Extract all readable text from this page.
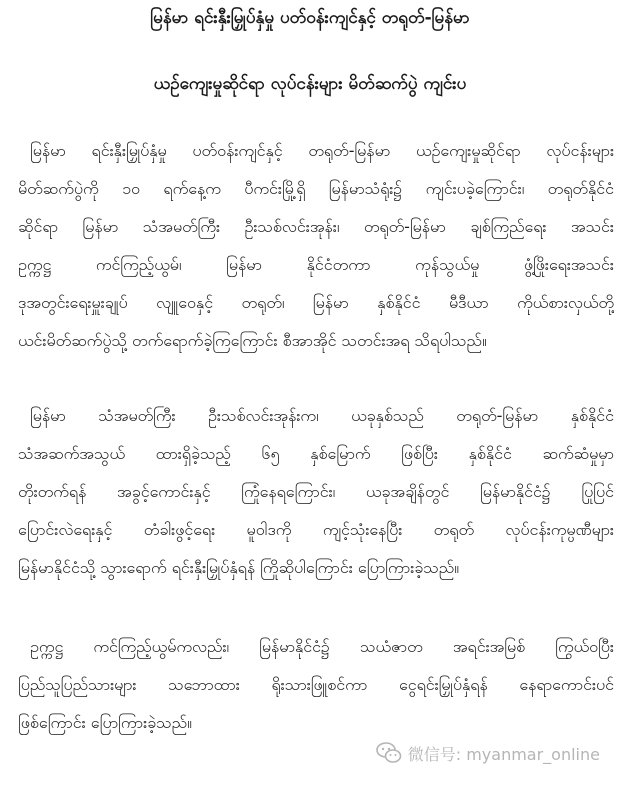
မြန်မာ ရင်းနှီးမြှုပ်နှံမှု ပတ်ဝန်းကျင်နှင့် တရုတ်-မြန်မာ
ယဉ်ကျေးမှုဆိုင်ရာ လုပ်ငန်းများ မိတ်ဆက်ပွဲ ကျင်းပ
မြန်မာ ရင်းနှီးမြှုပ်နှံမှု ပတ်ဝန်းကျင်နှင့် တရုတ်-မြန်မာ ယဉ်ကျေးမှုဆိုင်ရာ လုပ်ငန်းများ
မိတ်ဆက်ပွဲကို ၁၀ ရက်နေ့က ပီကင်းမြို့ရှိ မြန်မာသံရုံး၌ ကျင်းပခဲ့ကြောင်း၊ တရုတ်နိုင်ငံ
ဆိုင်ရာ မြန်မာ သံအမတ်ကြီး ဦးသစ်လင်းအုန်း၊ တရုတ်-မြန်မာ ချစ်ကြည်ရေး အသင်း
ဥက္ကဋ္ဌ ကင်ကြည့်ယွမ်၊ မြန်မာ နိုင်ငံတကာ ကုန်သွယ်မှု ဖွံ့ဖြိုးရေးအသင်း
ဒုအတွင်းရေးမှူးချုပ် လျူဝေနှင့် တရုတ်၊ မြန်မာ နှစ်နိုင်ငံ မီဒီယာ ကိုယ်စားလှယ်တို့
ယင်းမိတ်ဆက်ပွဲသို့ တက်ရောက်ခဲ့ကြကြောင်း စီအာအိုင် သတင်းအရ သိရပါသည်။
မြန်မာ သံအမတ်ကြီး ဦးသစ်လင်းအုန်းက၊ ယခုနှစ်သည် တရုတ်-မြန်မာ နှစ်နိုင်ငံ
သံအဆက်အသွယ် ထားရှိခဲ့သည့် ၆၅ နှစ်မြောက် ဖြစ်ပြီး နှစ်နိုင်ငံ ဆက်ဆံမှုမှာ
တိုးတက်ရန် အခွင့်ကောင်းနှင့် ကြုံနေရကြောင်း၊ ယခုအချိန်တွင် မြန်မာနိုင်ငံ၌ ပြုပြင်
ပြောင်းလဲရေးနှင့် တံခါးဖွင့်ရေး မူဝါဒကို ကျင့်သုံးနေပြီး တရုတ် လုပ်ငန်းကုမ္ပဏီများ
မြန်မာနိုင်ငံသို့ သွားရောက် ရင်းနှီးမြှုပ်နှံရန် ကြိုဆိုပါကြောင်း ပြောကြားခဲ့သည်။
ဥက္ကဋ္ဌ ကင်ကြည့်ယွမ်ကလည်း၊ မြန်မာနိုင်ငံ၌ သယံဇာတ အရင်းအမြစ် ကြွယ်ဝပြီး
ပြည်သူပြည်သားများ သဘောထား ရိုးသားဖြူစင်ကာ ငွေရင်းမြှုပ်နှံရန် နေရာကောင်းပင်
ဖြစ်ကြောင်း ပြောကြားခဲ့သည်။
微信号: myanmar_online
